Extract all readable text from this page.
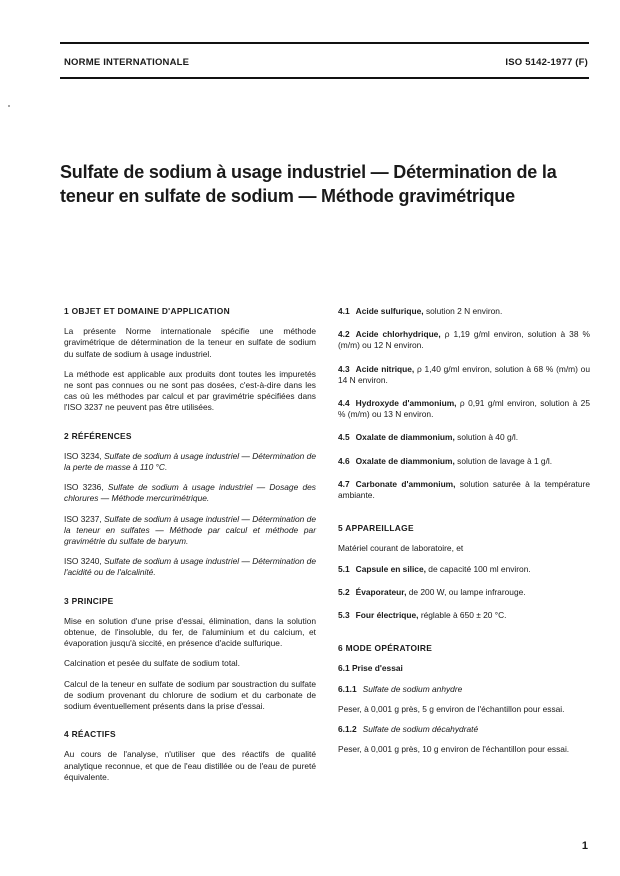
NORME INTERNATIONALE	ISO 5142-1977 (F)
Sulfate de sodium à usage industriel — Détermination de la teneur en sulfate de sodium — Méthode gravimétrique
1 OBJET ET DOMAINE D'APPLICATION

La présente Norme internationale spécifie une méthode gravimétrique de détermination de la teneur en sulfate de sodium du sulfate de sodium à usage industriel.

La méthode est applicable aux produits dont toutes les impuretés ne sont pas connues ou ne sont pas dosées, c'est-à-dire dans les cas où les méthodes par calcul et par gravimétrie spécifiées dans l'ISO 3237 ne peuvent pas être utilisées.

2 RÉFÉRENCES

ISO 3234, Sulfate de sodium à usage industriel — Détermination de la perte de masse à 110 °C.

ISO 3236, Sulfate de sodium à usage industriel — Dosage des chlorures — Méthode mercurimétrique.

ISO 3237, Sulfate de sodium à usage industriel — Détermination de la teneur en sulfates — Méthode par calcul et méthode par gravimétrie du sulfate de baryum.

ISO 3240, Sulfate de sodium à usage industriel — Détermination de l'acidité ou de l'alcalinité.

3 PRINCIPE

Mise en solution d'une prise d'essai, élimination, dans la solution obtenue, de l'insoluble, du fer, de l'aluminium et du calcium, et évaporation jusqu'à siccité, en présence d'acide sulfurique.

Calcination et pesée du sulfate de sodium total.

Calcul de la teneur en sulfate de sodium par soustraction du sulfate de sodium provenant du chlorure de sodium et du carbonate de sodium éventuellement présents dans la prise d'essai.

4 RÉACTIFS

Au cours de l'analyse, n'utiliser que des réactifs de qualité analytique reconnue, et que de l'eau distillée ou de l'eau de pureté équivalente.

4.1 Acide sulfurique, solution 2 N environ.

4.2 Acide chlorhydrique, ρ 1,19 g/ml environ, solution à 38 % (m/m) ou 12 N environ.

4.3 Acide nitrique, ρ 1,40 g/ml environ, solution à 68 % (m/m) ou 14 N environ.

4.4 Hydroxyde d'ammonium, ρ 0,91 g/ml environ, solution à 25 % (m/m) ou 13 N environ.

4.5 Oxalate de diammonium, solution à 40 g/l.

4.6 Oxalate de diammonium, solution de lavage à 1 g/l.

4.7 Carbonate d'ammonium, solution saturée à la température ambiante.

5 APPAREILLAGE

Matériel courant de laboratoire, et

5.1 Capsule en silice, de capacité 100 ml environ.

5.2 Évaporateur, de 200 W, ou lampe infrarouge.

5.3 Four électrique, réglable à 650 ± 20 °C.

6 MODE OPÉRATOIRE

6.1 Prise d'essai

6.1.1 Sulfate de sodium anhydre

Peser, à 0,001 g près, 5 g environ de l'échantillon pour essai.

6.1.2 Sulfate de sodium décahydraté

Peser, à 0,001 g près, 10 g environ de l'échantillon pour essai.

1
